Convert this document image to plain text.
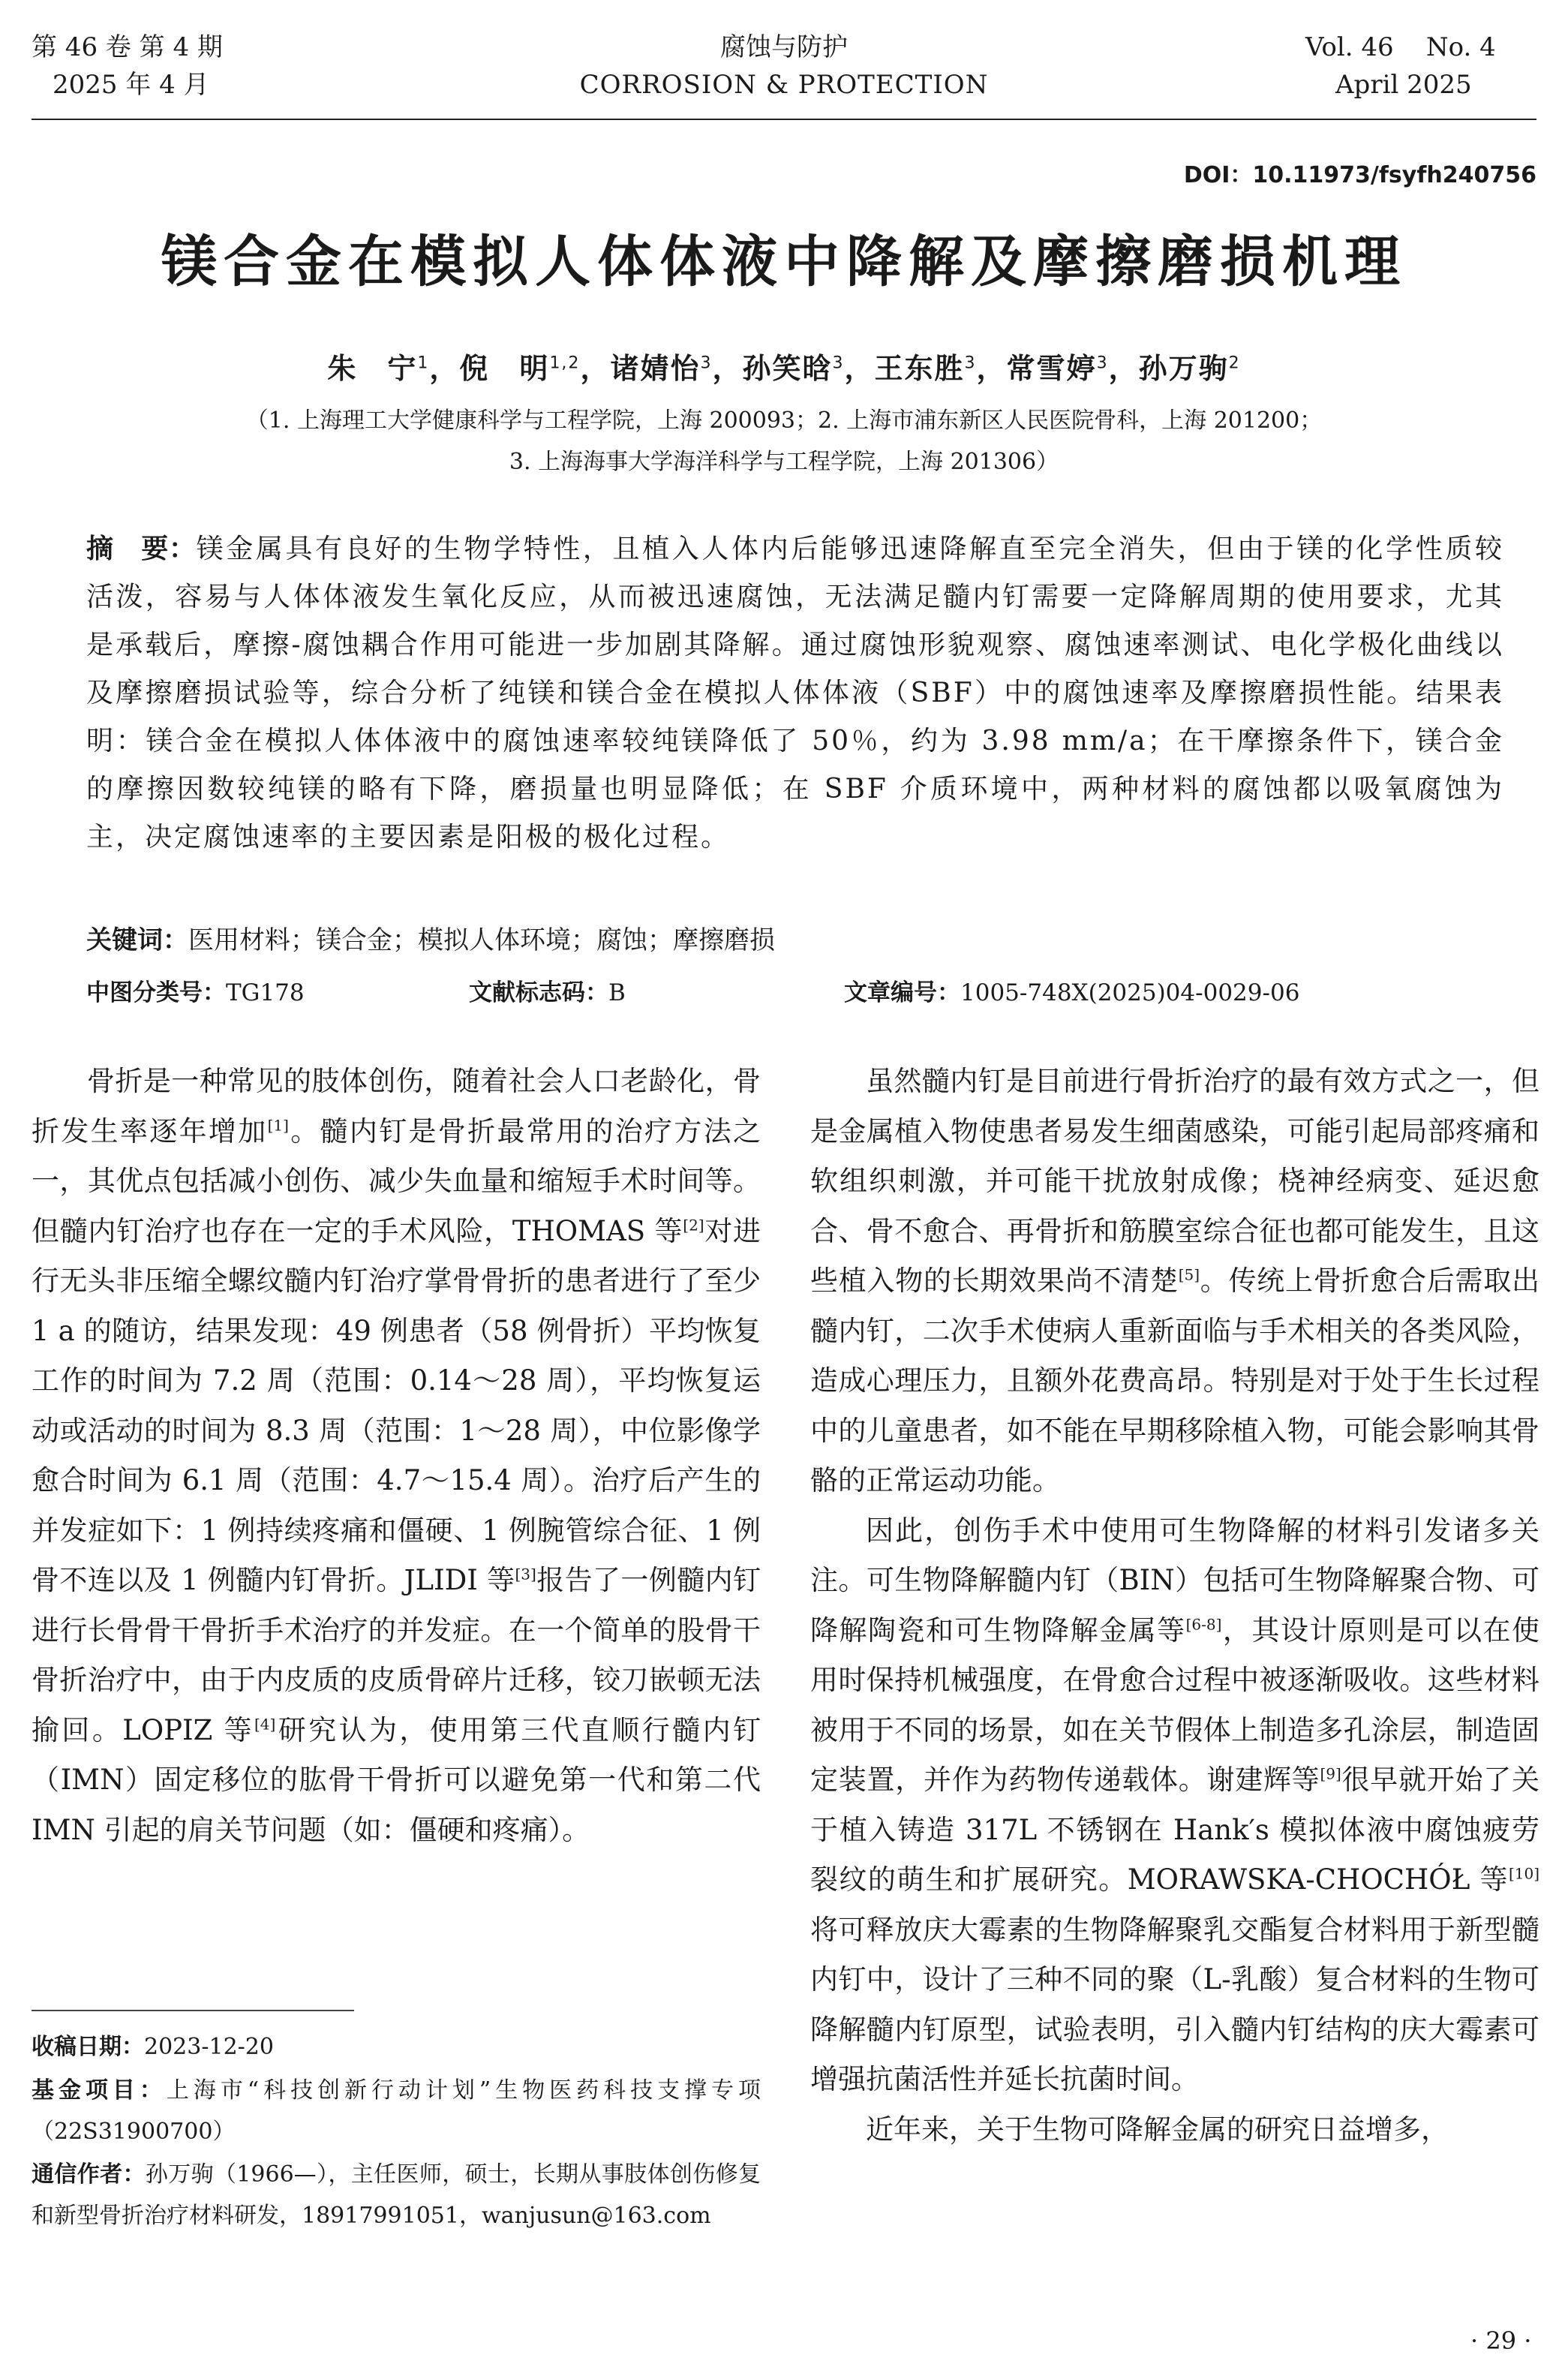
第 46 卷 第 4 期
2025 年 4 月
腐蚀与防护
CORROSION & PROTECTION
Vol. 46    No. 4
April 2025
DOI：10.11973/fsyfh240756
镁合金在模拟人体体液中降解及摩擦磨损机理
朱　宁$^1$，倪　明$^{1,2}$，诸婧怡$^3$，孙笑晗$^3$，王东胜$^3$，常雪婷$^3$，孙万驹$^2$
（1. 上海理工大学健康科学与工程学院，上海 200093；2. 上海市浦东新区人民医院骨科，上海 201200；
3. 上海海事大学海洋科学与工程学院，上海 201306）
摘　要：镁金属具有良好的生物学特性，且植入人体内后能够迅速降解直至完全消失，但由于镁的化学性质较活泼，容易与人体体液发生氧化反应，从而被迅速腐蚀，无法满足髓内钉需要一定降解周期的使用要求，尤其是承载后，摩擦-腐蚀耦合作用可能进一步加剧其降解。通过腐蚀形貌观察、腐蚀速率测试、电化学极化曲线以及摩擦磨损试验等，综合分析了纯镁和镁合金在模拟人体体液（SBF）中的腐蚀速率及摩擦磨损性能。结果表明：镁合金在模拟人体体液中的腐蚀速率较纯镁降低了 50％，约为 3.98 mm/a；在干摩擦条件下，镁合金的摩擦因数较纯镁的略有下降，磨损量也明显降低；在 SBF 介质环境中，两种材料的腐蚀都以吸氧腐蚀为主，决定腐蚀速率的主要因素是阳极的极化过程。
关键词：医用材料；镁合金；模拟人体环境；腐蚀；摩擦磨损
中图分类号：TG178	文献标志码：B	文章编号：1005-748X(2025)04-0029-06

骨折是一种常见的肢体创伤，随着社会人口老龄化，骨折发生率逐年增加[1]。髓内钉是骨折最常用的治疗方法之一，其优点包括减小创伤、减少失血量和缩短手术时间等。但髓内钉治疗也存在一定的手术风险，THOMAS 等[2]对进行无头非压缩全螺纹髓内钉治疗掌骨骨折的患者进行了至少 1 a 的随访，结果发现：49 例患者（58 例骨折）平均恢复工作的时间为 7.2 周（范围：0.14～28 周），平均恢复运动或活动的时间为 8.3 周（范围：1～28 周），中位影像学愈合时间为 6.1 周（范围：4.7～15.4 周）。治疗后产生的并发症如下：1 例持续疼痛和僵硬、1 例腕管综合征、1 例骨不连以及 1 例髓内钉骨折。JLIDI 等[3]报告了一例髓内钉进行长骨骨干骨折手术治疗的并发症。在一个简单的股骨干骨折治疗中，由于内皮质的皮质骨碎片迁移，铰刀嵌顿无法揄回。LOPIZ 等[4]研究认为，使用第三代直顺行髓内钉（IMN）固定移位的肱骨干骨折可以避免第一代和第二代 IMN 引起的肩关节问题（如：僵硬和疼痛）。

虽然髓内钉是目前进行骨折治疗的最有效方式之一，但是金属植入物使患者易发生细菌感染，可能引起局部疼痛和软组织刺激，并可能干扰放射成像；桡神经病变、延迟愈合、骨不愈合、再骨折和筋膜室综合征也都可能发生，且这些植入物的长期效果尚不清楚[5]。传统上骨折愈合后需取出髓内钉，二次手术使病人重新面临与手术相关的各类风险，造成心理压力，且额外花费高昂。特别是对于处于生长过程中的儿童患者，如不能在早期移除植入物，可能会影响其骨骼的正常运动功能。

因此，创伤手术中使用可生物降解的材料引发诸多关注。可生物降解髓内钉（BIN）包括可生物降解聚合物、可降解陶瓷和可生物降解金属等[6-8]，其设计原则是可以在使用时保持机械强度，在骨愈合过程中被逐渐吸收。这些材料被用于不同的场景，如在关节假体上制造多孔涂层，制造固定装置，并作为药物传递载体。谢建辉等[9]很早就开始了关于植入铸造 317L 不锈钢在 Hank′s 模拟体液中腐蚀疲劳裂纹的萌生和扩展研究。MORAWSKA-CHOCHÓŁ 等[10]将可释放庆大霉素的生物降解聚乳交酯复合材料用于新型髓内钉中，设计了三种不同的聚（L-乳酸）复合材料的生物可降解髓内钉原型，试验表明，引入髓内钉结构的庆大霉素可增强抗菌活性并延长抗菌时间。

近年来，关于生物可降解金属的研究日益增多，

收稿日期：2023-12-20
基金项目：上海市“科技创新行动计划”生物医药科技支撑专项（22S31900700）
通信作者：孙万驹（1966—），主任医师，硕士，长期从事肢体创伤修复和新型骨折治疗材料研发，18917991051，wanjusun@163.com
· 29 ·
